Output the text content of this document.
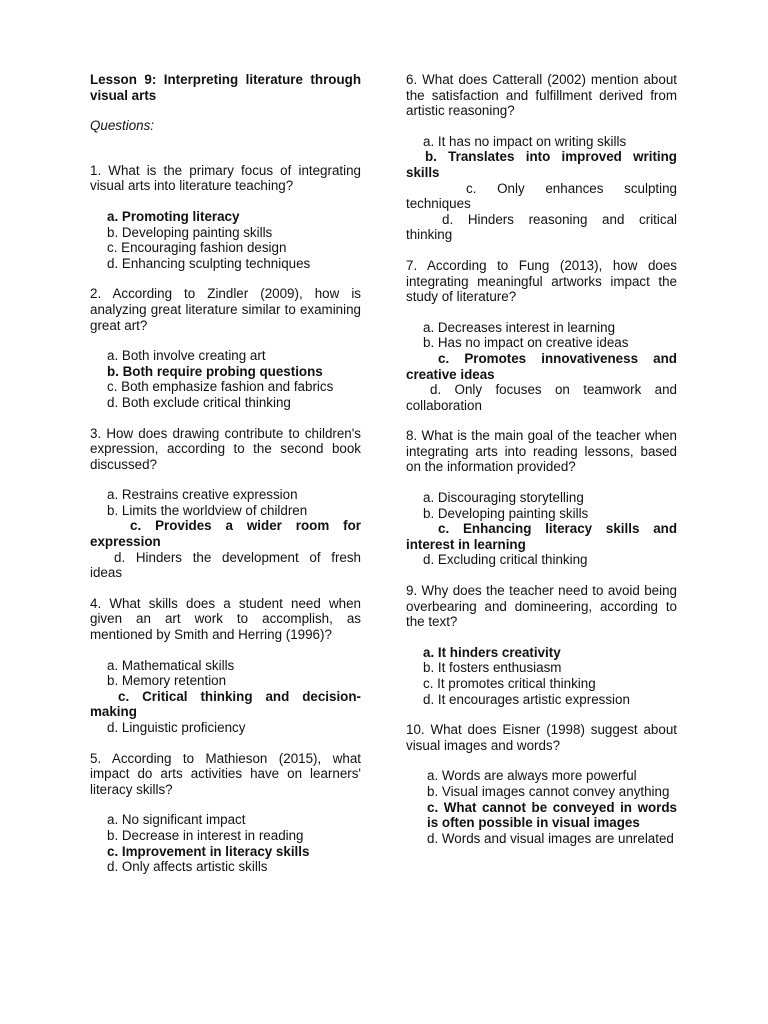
Lesson 9: Interpreting literature through visual arts

Questions:

1. What is the primary focus of integrating visual arts into literature teaching?

a. Promoting literacy
b. Developing painting skills
c. Encouraging fashion design
d. Enhancing sculpting techniques

2. According to Zindler (2009), how is analyzing great literature similar to examining great art?

a. Both involve creating art
b. Both require probing questions
c. Both emphasize fashion and fabrics
d. Both exclude critical thinking

3. How does drawing contribute to children's expression, according to the second book discussed?

a. Restrains creative expression
b. Limits the worldview of children
c. Provides a wider room for expression
d. Hinders the development of fresh ideas

4. What skills does a student need when given an art work to accomplish, as mentioned by Smith and Herring (1996)?

a. Mathematical skills
b. Memory retention
c. Critical thinking and decision-making
d. Linguistic proficiency

5. According to Mathieson (2015), what impact do arts activities have on learners' literacy skills?

a. No significant impact
b. Decrease in interest in reading
c. Improvement in literacy skills
d. Only affects artistic skills

6. What does Catterall (2002) mention about the satisfaction and fulfillment derived from artistic reasoning?

a. It has no impact on writing skills
b. Translates into improved writing skills
c. Only enhances sculpting techniques
d. Hinders reasoning and critical thinking

7. According to Fung (2013), how does integrating meaningful artworks impact the study of literature?

a. Decreases interest in learning
b. Has no impact on creative ideas
c. Promotes innovativeness and creative ideas
d. Only focuses on teamwork and collaboration

8. What is the main goal of the teacher when integrating arts into reading lessons, based on the information provided?

a. Discouraging storytelling
b. Developing painting skills
c. Enhancing literacy skills and interest in learning
d. Excluding critical thinking

9. Why does the teacher need to avoid being overbearing and domineering, according to the text?

a. It hinders creativity
b. It fosters enthusiasm
c. It promotes critical thinking
d. It encourages artistic expression

10. What does Eisner (1998) suggest about visual images and words?

a. Words are always more powerful
b. Visual images cannot convey anything
c. What cannot be conveyed in words is often possible in visual images
d. Words and visual images are unrelated
